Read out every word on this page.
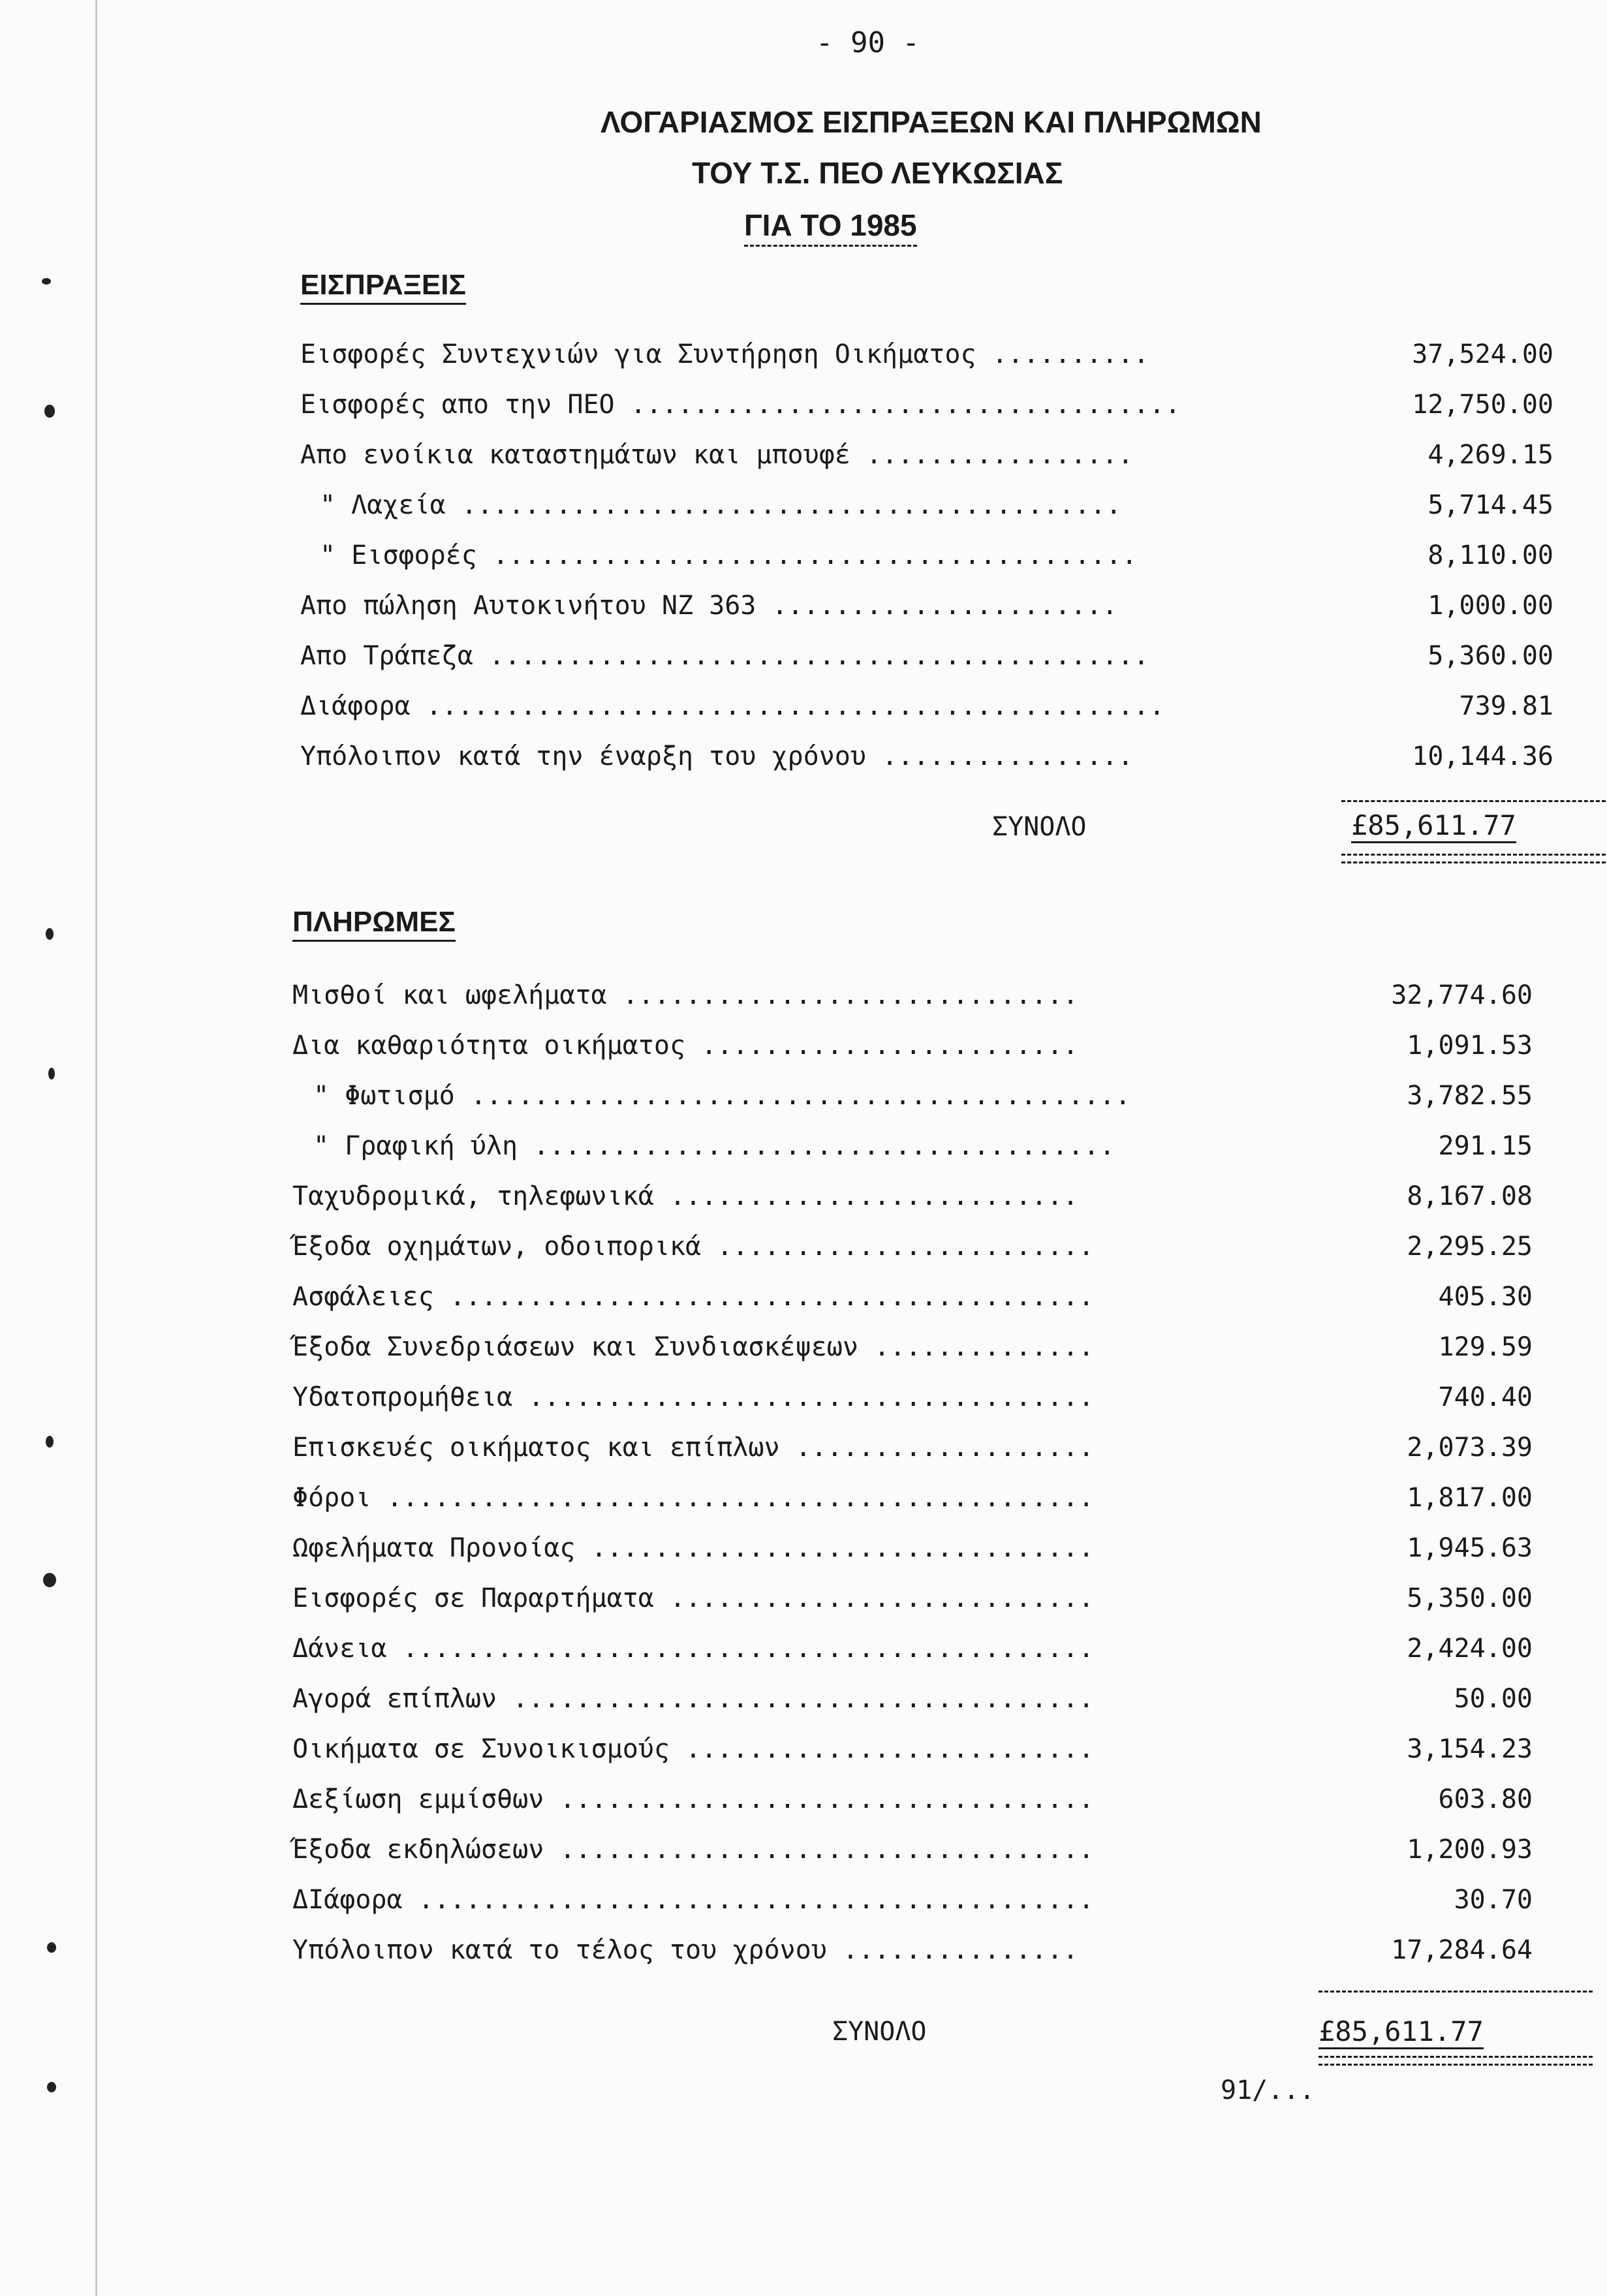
- 90 -
ΛΟΓΑΡΙΑΣΜΟΣ ΕΙΣΠΡΑΞΕΩΝ ΚΑΙ ΠΛΗΡΩΜΩΝ
ΤΟΥ Τ.Σ. ΠΕΟ ΛΕΥΚΩΣΙΑΣ
ΓΙΑ ΤΟ 1985
ΕΙΣΠΡΑΞΕΙΣ
Εισφορές Συντεχνιών για Συντήρηση Οικήματος ..........	37,524.00
Εισφορές απο την ΠΕΟ ...................................	12,750.00
Απο ενοίκια καταστημάτων και μπουφέ .................	4,269.15
" Λαχεία ..........................................	5,714.45
" Εισφορές .........................................	8,110.00
Απο πώληση Αυτοκινήτου ΝΖ 363 ......................	1,000.00
Απο Τράπεζα ..........................................	5,360.00
Διάφορα ...............................................	739.81
Υπόλοιπον κατά την έναρξη του χρόνου ................	10,144.36
ΣΥΝΟΛΟ	£85,611.77
ΠΛΗΡΩΜΕΣ
Μισθοί και ωφελήματα .............................	32,774.60
Δια καθαριότητα οικήματος ........................	1,091.53
" Φωτισμό ..........................................	3,782.55
" Γραφική ύλη .....................................	291.15
Ταχυδρομικά, τηλεφωνικά ..........................	8,167.08
Έξοδα οχημάτων, οδοιπορικά ........................	2,295.25
Ασφάλειες .........................................	405.30
Έξοδα Συνεδριάσεων και Συνδιασκέψεων ..............	129.59
Υδατοπρομήθεια ....................................	740.40
Επισκευές οικήματος και επίπλων ...................	2,073.39
Φόροι .............................................	1,817.00
Ωφελήματα Προνοίας ................................	1,945.63
Εισφορές σε Παραρτήματα ...........................	5,350.00
Δάνεια ............................................	2,424.00
Αγορά επίπλων .....................................	50.00
Οικήματα σε Συνοικισμούς ..........................	3,154.23
Δεξίωση εμμίσθων ..................................	603.80
Έξοδα εκδηλώσεων ..................................	1,200.93
ΔΙάφορα ...........................................	30.70
Υπόλοιπον κατά το τέλος του χρόνου ...............	17,284.64
ΣΥΝΟΛΟ	£85,611.77
91/...
